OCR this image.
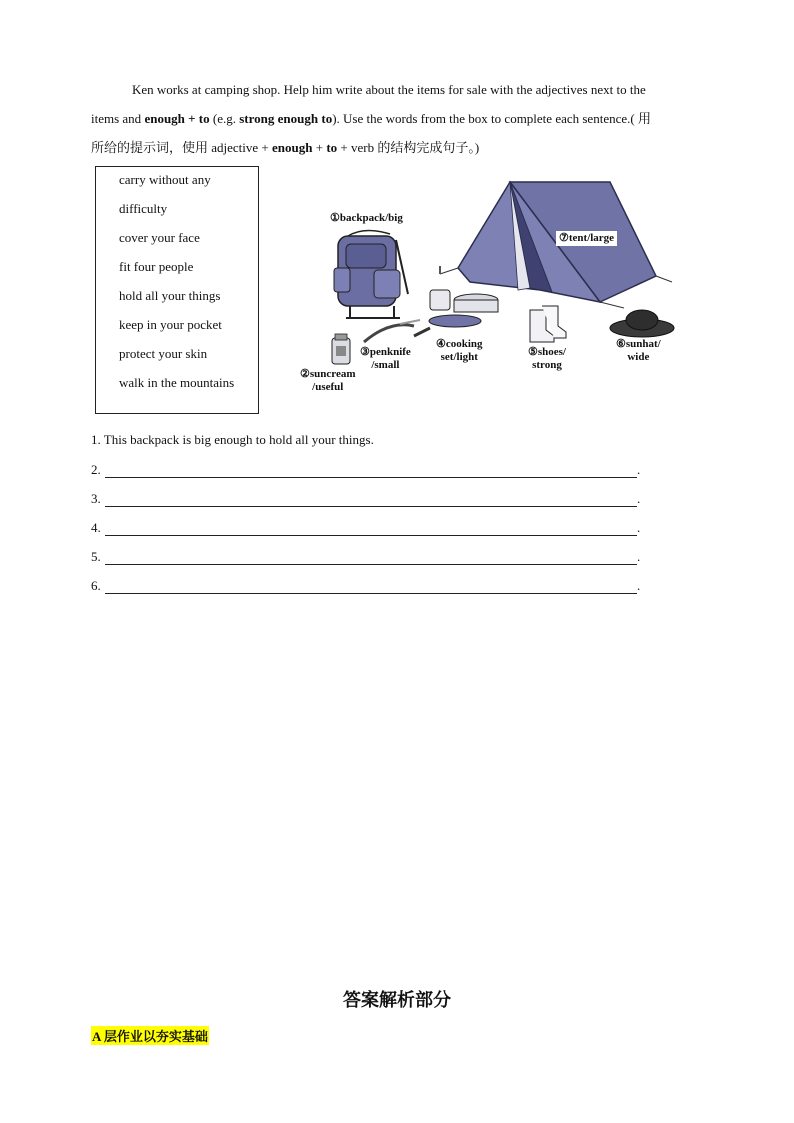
Ken works at camping shop. Help him write about the items for sale with the adjectives next to the
items and enough + to (e.g. strong enough to). Use the words from the box to complete each sentence.( 用
所给的提示词，使用 adjective + enough + to + verb 的结构完成句子。)
carry without any
difficulty
cover your face
fit four people
hold all your things
keep in your pocket
protect your skin
walk in the mountains
①backpack/big
⑦tent/large
②suncream
/useful
③penknife
/small
④cooking
set/light	⑤shoes/
strong
⑥sunhat/
wide
1. This backpack is big enough to hold all your things.
2.	.
3.	.
4.	.
5.	.
6.	.
答案解析部分
A 层作业以夯实基础
